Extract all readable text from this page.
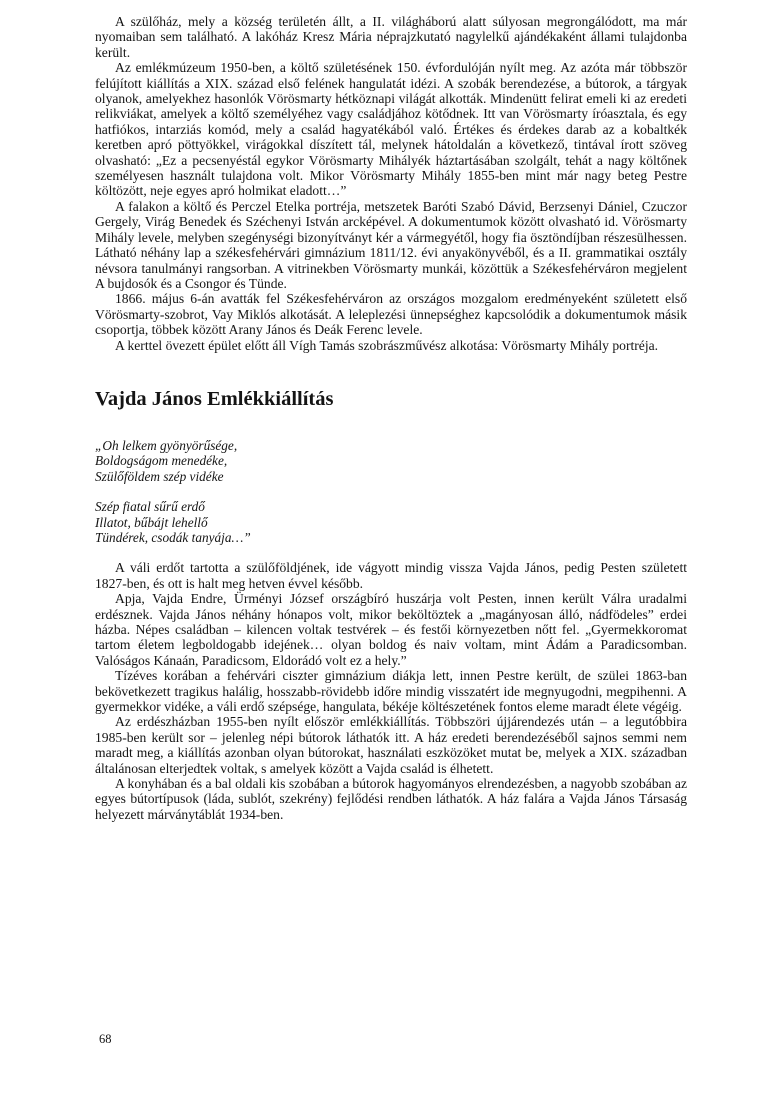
A szülőház, mely a község területén állt, a II. világháború alatt súlyosan megrongálódott, ma már nyomaiban sem található. A lakóház Kresz Mária néprajzkutató nagylelkű ajándékaként állami tulajdonba került.

Az emlékmúzeum 1950-ben, a költő születésének 150. évfordulóján nyílt meg. Az azóta már többször felújított kiállítás a XIX. század első felének hangulatát idézi. A szobák berendezése, a bútorok, a tárgyak olyanok, amelyekhez hasonlók Vörösmarty hétköznapi világát alkották. Mindenütt felirat emeli ki az eredeti relikviákat, amelyek a költő személyéhez vagy családjához kötődnek. Itt van Vörösmarty íróasztala, és egy hatfiókos, intarziás komód, mely a család hagyatékából való. Értékes és érdekes darab az a kobaltkék keretben apró pöttyökkel, virágokkal díszített tál, melynek hátoldalán a következő, tintával írott szöveg olvasható: „Ez a pecsenyéstál egykor Vörösmarty Mihályék háztartásában szolgált, tehát a nagy költőnek személyesen használt tulajdona volt. Mikor Vörösmarty Mihály 1855-ben mint már nagy beteg Pestre költözött, neje egyes apró holmikat eladott…”

A falakon a költő és Perczel Etelka portréja, metszetek Baróti Szabó Dávid, Berzsenyi Dániel, Czuczor Gergely, Virág Benedek és Széchenyi István arcképével. A dokumentumok között olvasható id. Vörösmarty Mihály levele, melyben szegénységi bizonyítványt kér a vármegyétől, hogy fia ösztöndíjban részesülhessen. Látható néhány lap a székesfehérvári gimnázium 1811/12. évi anyakönyvéből, és a II. grammatikai osztály névsora tanulmányi rangsorban. A vitrinekben Vörösmarty munkái, közöttük a Székesfehérváron megjelent A bujdosók és a Csongor és Tünde.

1866. május 6-án avatták fel Székesfehérváron az országos mozgalom eredményeként született első Vörösmarty-szobrot, Vay Miklós alkotását. A leleplezési ünnepséghez kapcsolódik a dokumentumok másik csoportja, többek között Arany János és Deák Ferenc levele.

A kerttel övezett épület előtt áll Vígh Tamás szobrászművész alkotása: Vörösmarty Mihály portréja.

Vajda János Emlékkiállítás
„Oh lelkem gyönyörűsége,
Boldogságom menedéke,
Szülőföldem szép vidéke
Szép fiatal sűrű erdő
Illatot, bűbájt lehellő
Tündérek, csodák tanyája…”

A váli erdőt tartotta a szülőföldjének, ide vágyott mindig vissza Vajda János, pedig Pesten született 1827-ben, és ott is halt meg hetven évvel később.

Apja, Vajda Endre, Ürményi József országbíró huszárja volt Pesten, innen került Válra uradalmi erdésznek. Vajda János néhány hónapos volt, mikor beköltöztek a „magányosan álló, nádfödeles” erdei házba. Népes családban – kilencen voltak testvérek – és festői környezetben nőtt fel. „Gyermekkoromat tartom életem legboldogabb idejének… olyan boldog és naiv voltam, mint Ádám a Paradicsomban. Valóságos Kánaán, Paradicsom, Eldorádó volt ez a hely.”

Tízéves korában a fehérvári ciszter gimnázium diákja lett, innen Pestre került, de szülei 1863-ban bekövetkezett tragikus halálig, hosszabb-rövidebb időre mindig visszatért ide megnyugodni, megpihenni. A gyermekkor vidéke, a váli erdő szépsége, hangulata, békéje költészetének fontos eleme maradt élete végéig.

Az erdészházban 1955-ben nyílt először emlékkiállítás. Többszöri újjárendezés után – a legutóbbira 1985-ben került sor – jelenleg népi bútorok láthatók itt. A ház eredeti berendezéséből sajnos semmi nem maradt meg, a kiállítás azonban olyan bútorokat, használati eszközöket mutat be, melyek a XIX. században általánosan elterjedtek voltak, s amelyek között a Vajda család is élhetett.

A konyhában és a bal oldali kis szobában a bútorok hagyományos elrendezésben, a nagyobb szobában az egyes bútortípusok (láda, sublót, szekrény) fejlődési rendben láthatók. A ház falára a Vajda János Társaság helyezett márványtáblát 1934-ben.

68
